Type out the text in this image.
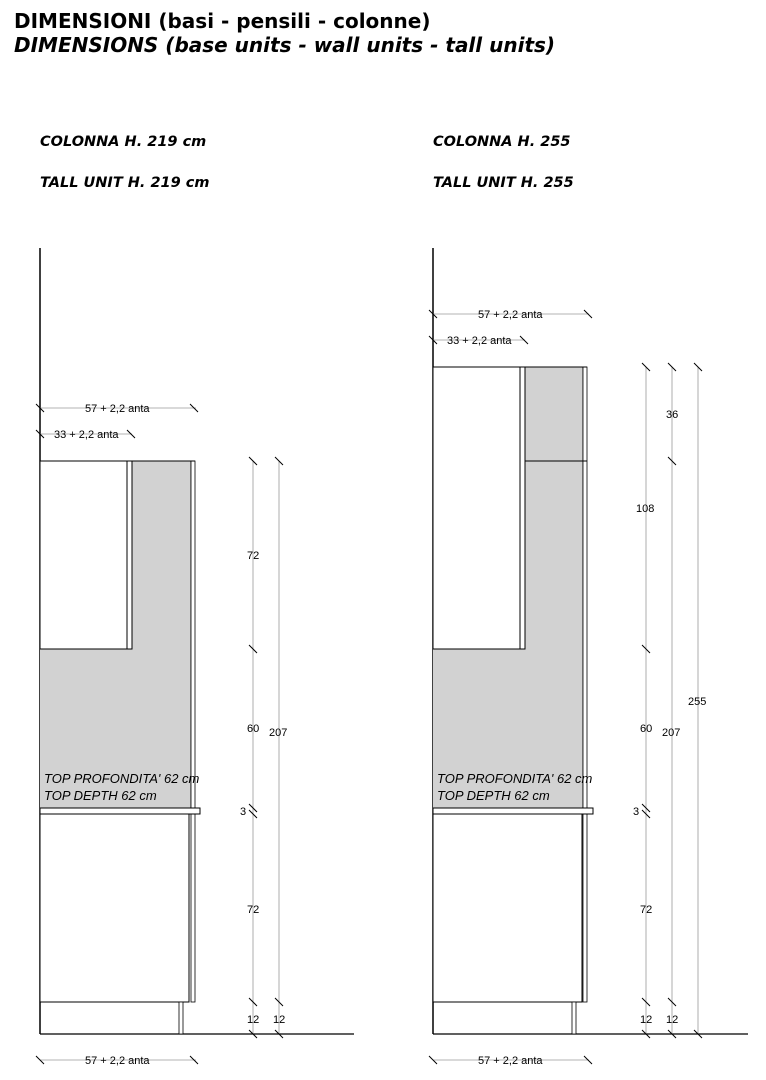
DIMENSIONI (basi - pensili - colonne)
DIMENSIONS (base units - wall units - tall units)
COLONNA H. 219 cm
TALL UNIT H. 219 cm
COLONNA H. 255
TALL UNIT H. 255
57 + 2,2 anta
33 + 2,2 anta
57 + 2,2 anta
72
60
3
72
12 12
207
TOP PROFONDITA' 62 cm
TOP DEPTH 62 cm
57 + 2,2 anta
33 + 2,2 anta
57 + 2,2 anta
36
108
60
3
72
12 12
207
255
TOP PROFONDITA' 62 cm
TOP DEPTH 62 cm
